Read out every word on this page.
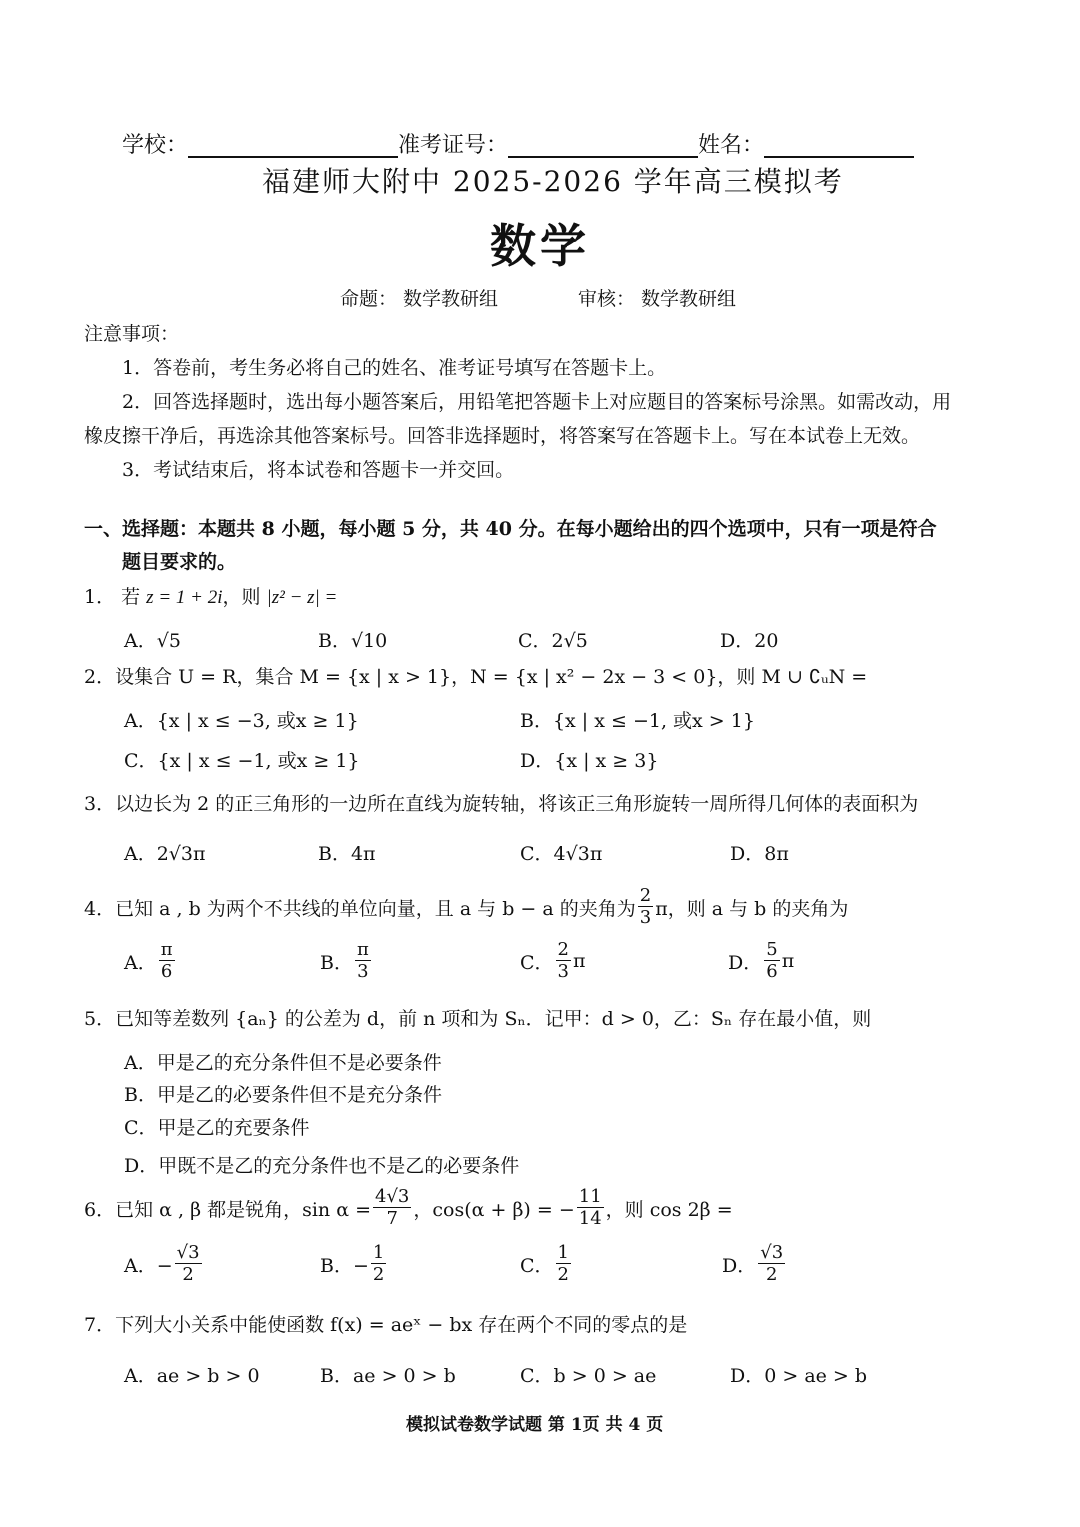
学校：	准考证号：	姓名：
福建师大附中 2025-2026 学年高三模拟考
数学
命题： 数学教研组	审核： 数学教研组
注意事项：
1．答卷前，考生务必将自己的姓名、准考证号填写在答题卡上。
2．回答选择题时，选出每小题答案后，用铅笔把答题卡上对应题目的答案标号涂黑。如需改动，用
橡皮擦干净后，再选涂其他答案标号。回答非选择题时，将答案写在答题卡上。写在本试卷上无效。
3．考试结束后，将本试卷和答题卡一并交回。
一、选择题：本题共 8 小题，每小题 5 分，共 40 分。在每小题给出的四个选项中，只有一项是符合
题目要求的。
1． 若 z = 1 + 2i，则 |z² − z| =
A．√5	B．√10	C．2√5	D．20
2．设集合 U = R，集合 M = {x | x > 1}，N = {x | x² − 2x − 3 < 0}，则 M ∪ ∁ᵤN =
A．{x | x ≤ −3, 或x ≥ 1}	B．{x | x ≤ −1, 或x > 1}
C．{x | x ≤ −1, 或x ≥ 1}	D．{x | x ≥ 3}
3．以边长为 2 的正三角形的一边所在直线为旋转轴，将该正三角形旋转一周所得几何体的表面积为
A．2√3π	B．4π	C．4√3π	D．8π
4．已知 a , b 为两个不共线的单位向量，且 a 与 b − a 的夹角为 $\frac{2}{3}$ π，则 a 与 b 的夹角为
A． $\frac{\pi}{6}$	B． $\frac{\pi}{3}$	C． $\frac{2}{3}$ π	D． $\frac{5}{6}$ π
5．已知等差数列 {aₙ} 的公差为 d，前 n 项和为 Sₙ．记甲：d > 0，乙：Sₙ 存在最小值，则
A．甲是乙的充分条件但不是必要条件
B．甲是乙的必要条件但不是充分条件
C．甲是乙的充要条件
D．甲既不是乙的充分条件也不是乙的必要条件
6．已知 α , β 都是锐角，$\sin \alpha = \frac{4√3}{7}$ ，cos(α + β) = − $\frac{11}{14}$ ，则 cos 2β =
A．− $\frac{√3}{2}$	B．− $\frac{1}{2}$	C． $\frac{1}{2}$	D． $\frac{√3}{2}$
7．下列大小关系中能使函数 f(x) = aeˣ − bx 存在两个不同的零点的是
A．ae > b > 0	B．ae > 0 > b	C．b > 0 > ae	D．0 > ae > b
模拟试卷数学试题 第 1页 共 4 页
